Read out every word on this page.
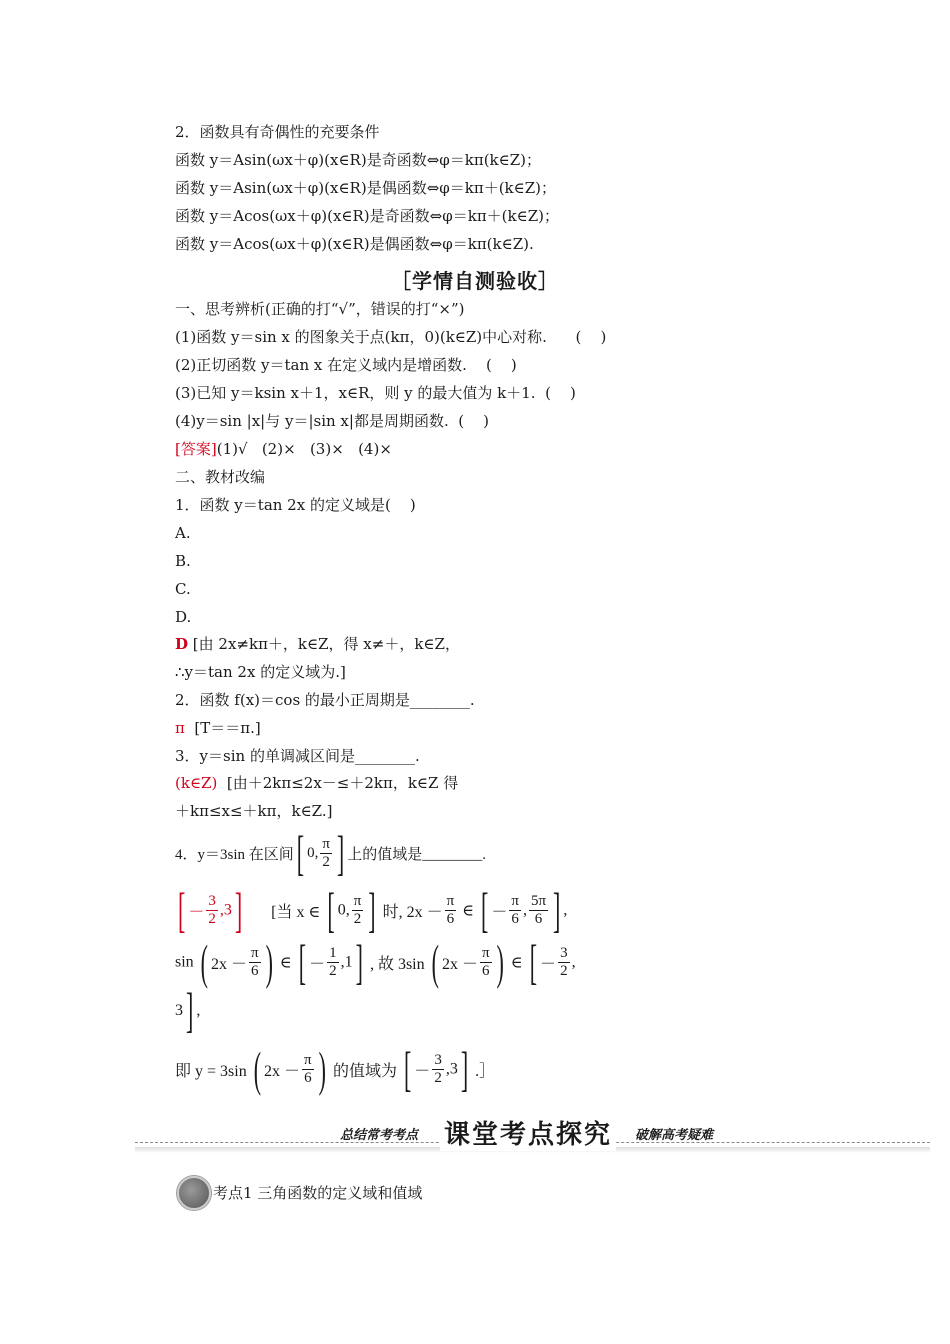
2．函数具有奇偶性的充要条件
函数 y＝Asin(ωx＋φ)(x∈R)是奇函数⇔φ＝kπ(k∈Z)；
函数 y＝Asin(ωx＋φ)(x∈R)是偶函数⇔φ＝kπ＋(k∈Z)；
函数 y＝Acos(ωx＋φ)(x∈R)是奇函数⇔φ＝kπ＋(k∈Z)；
函数 y＝Acos(ωx＋φ)(x∈R)是偶函数⇔φ＝kπ(k∈Z).
［学情自测验收］
一、思考辨析(正确的打“√”，错误的打“×”)
(1)函数 y＝sin x 的图象关于点(kπ，0)(k∈Z)中心对称.      (    )
(2)正切函数 y＝tan x 在定义域内是增函数.    (    )
(3)已知 y＝ksin x＋1，x∈R，则 y 的最大值为 k＋1.  (    )
(4)y＝sin |x|与 y＝|sin x|都是周期函数.  (    )
[答案](1)√   (2)×   (3)×   (4)×
二、教材改编
1．函数 y＝tan 2x 的定义域是(    )
A.
B.
C.
D.
D [由 2x≠kπ＋，k∈Z，得 x≠＋，k∈Z，
∴y＝tan 2x 的定义域为.]
2．函数 f(x)＝cos 的最小正周期是________.
π  [T＝＝π.]
3．y＝sin 的单调减区间是________.
(k∈Z)  [由＋2kπ≤2x－≤＋2kπ，k∈Z 得
＋kπ≤x≤＋kπ，k∈Z.]
4．y＝3sin 在区间 [ 0, $\frac{\pi}{2}$ ] 上的值域是________.
[ － $\frac{3}{2} ,3$ ] [当 x ∈ [ 0, $\frac{\pi}{2}$ ] 时, $2x - \frac{\pi}{6}$ ∈ [ － $\frac{\pi}{6}$ , $\frac{5\pi}{6}$ ] ,
sin ( $2x - \frac{\pi}{6}$ ) ∈ [ － $\frac{1}{2} ,1$ ] , 故 3sin ( $2x - \frac{\pi}{6}$ ) ∈ [ － $\frac{3}{2}$ ,
3 ] ,
即 y = 3sin ( $2x - \frac{\pi}{6}$ ) 的值域为 [ － $\frac{3}{2} ,3$ ] .］
总结常考考点 课堂考点探究	破解高考疑难
考点1 三角函数的定义域和值域
